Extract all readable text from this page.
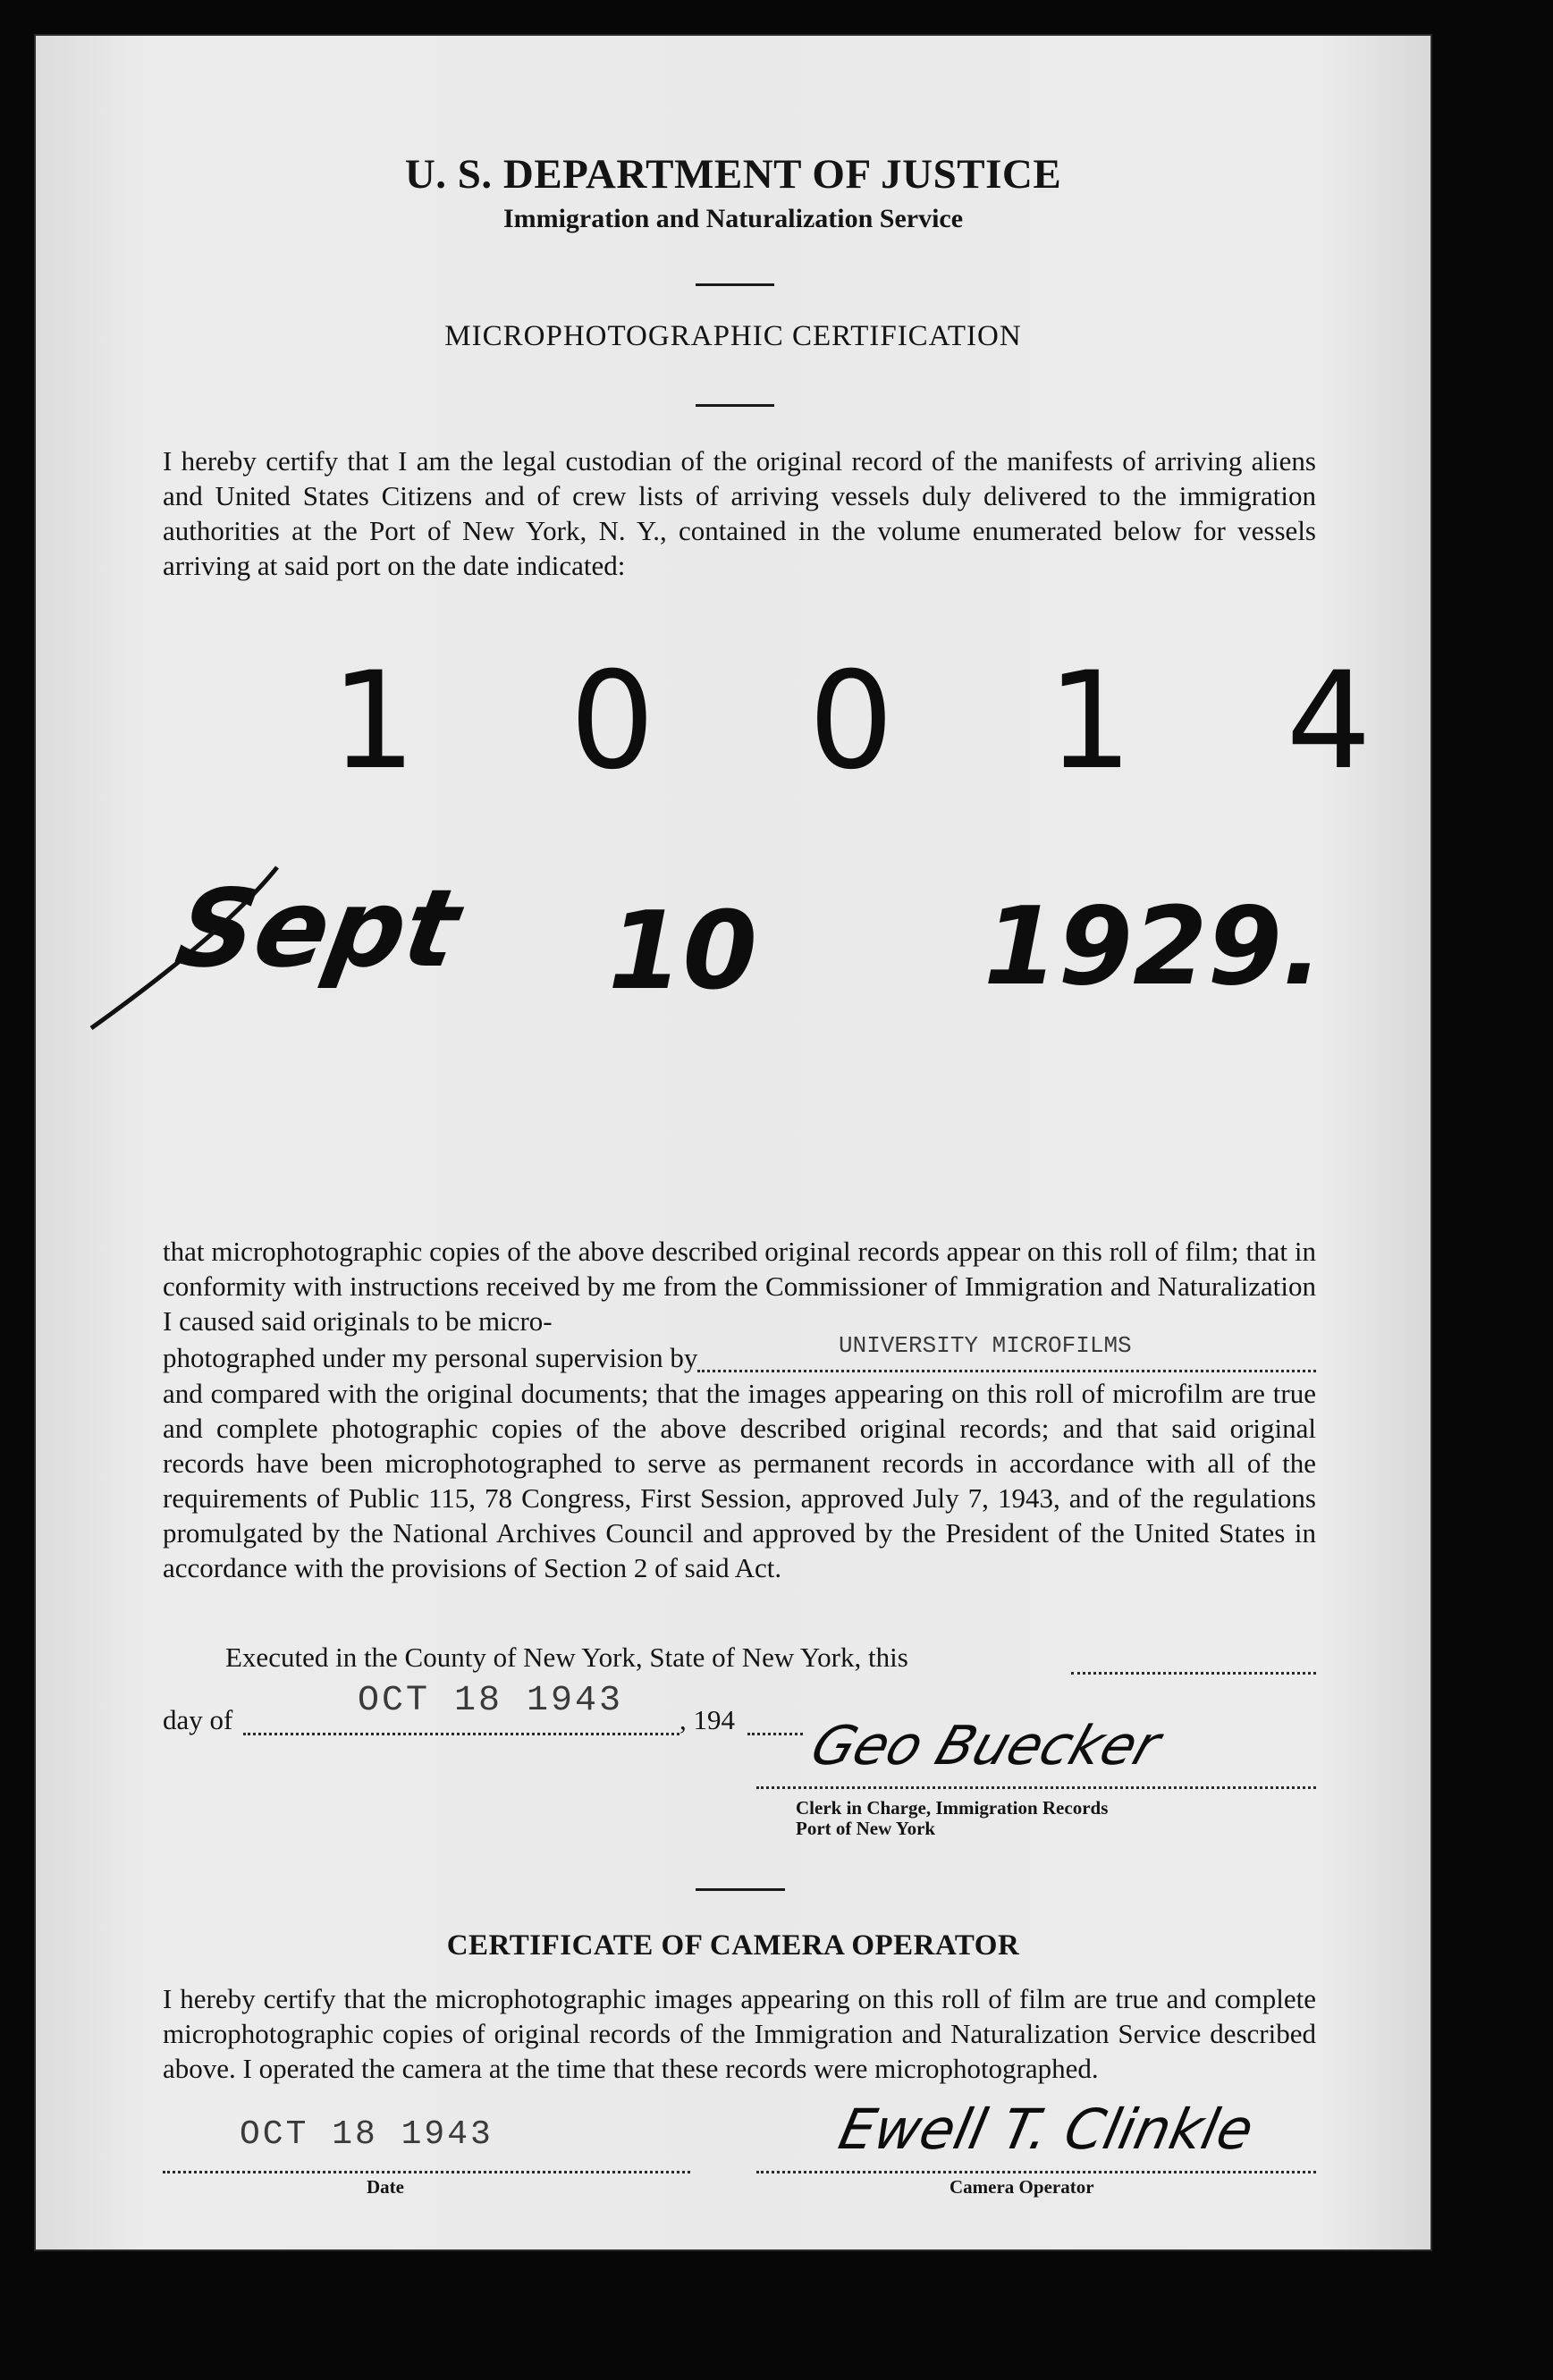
U. S. DEPARTMENT OF JUSTICE
Immigration and Naturalization Service
MICROPHOTOGRAPHIC CERTIFICATION
I hereby certify that I am the legal custodian of the original record of the manifests of arriving aliens and United States Citizens and of crew lists of arriving vessels duly delivered to the immigration authorities at the Port of New York, N. Y., contained in the volume enumerated below for vessels arriving at said port on the date indicated:
1 0 0 1 4
Sept 10 1929.
that microphotographic copies of the above described original records appear on this roll of film; that in conformity with instructions received by me from the Commissioner of Immigration and Naturalization I caused said originals to be micro-
photographed under my personal supervision by	UNIVERSITY MICROFILMS
and compared with the original documents; that the images appearing on this roll of microfilm are true and complete photographic copies of the above described original records; and that said original records have been microphotographed to serve as permanent records in accordance with all of the requirements of Public 115, 78 Congress, First Session, approved July 7, 1943, and of the regulations promulgated by the National Archives Council and approved by the President of the United States in accordance with the provisions of Section 2 of said Act.
Executed in the County of New York, State of New York, this
day of	OCT 18 1943 , 194 Geo Buecker
Clerk in Charge, Immigration Records
Port of New York
CERTIFICATE OF CAMERA OPERATOR
I hereby certify that the microphotographic images appearing on this roll of film are true and complete microphotographic copies of original records of the Immigration and Naturalization Service described above. I operated the camera at the time that these records were microphotographed.
OCT 18 1943
Date
Ewell T. Clinkle
Camera Operator
